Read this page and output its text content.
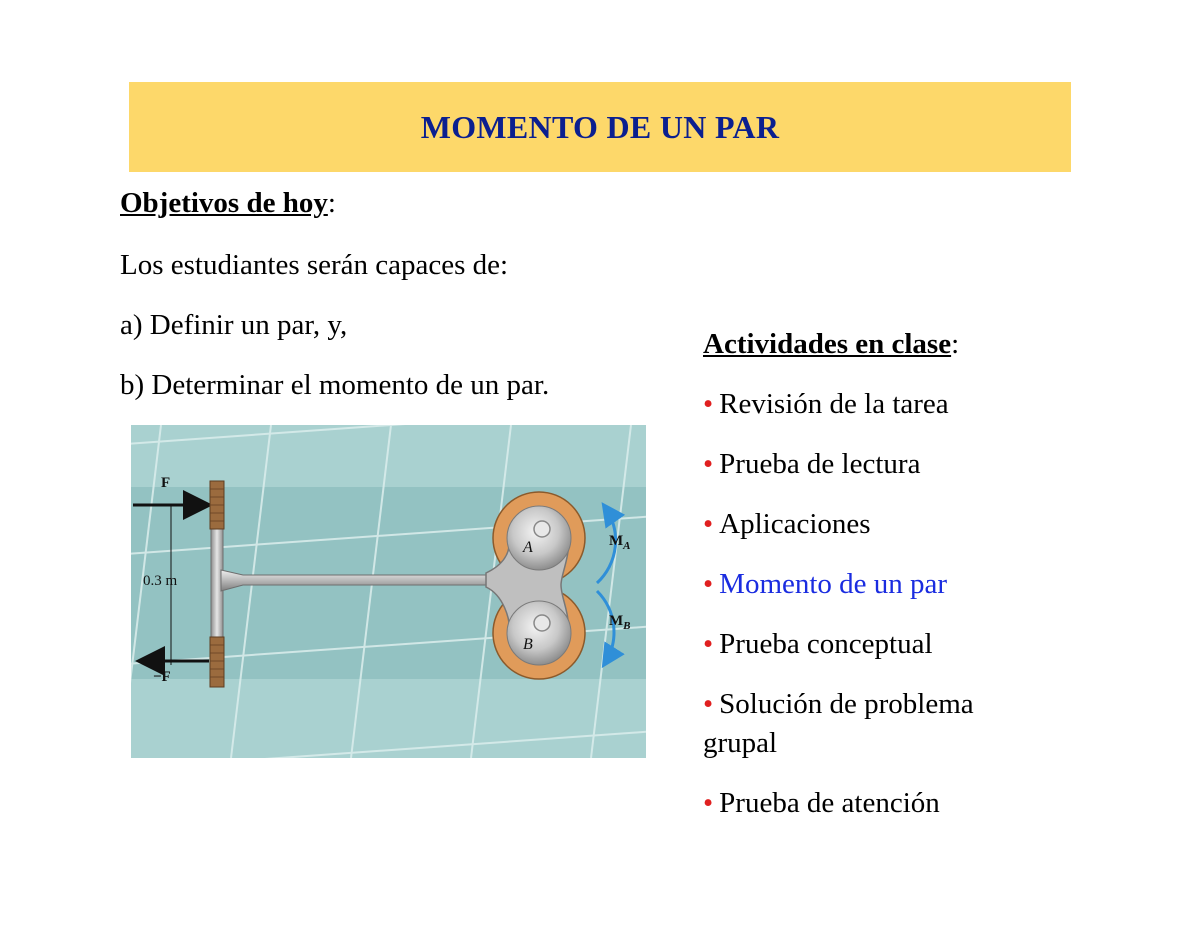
MOMENTO DE UN PAR
Objetivos de hoy:
Los estudiantes serán capaces de:
a) Definir un par, y,
b) Determinar el momento de un par.
Actividades en clase:
• Revisión de la tarea
• Prueba de lectura
• Aplicaciones
• Momento de un par
• Prueba conceptual
• Solución de problema
grupal
• Prueba de atención
F
−F
0.3 m
A
B
$M_A$
$M_B$
